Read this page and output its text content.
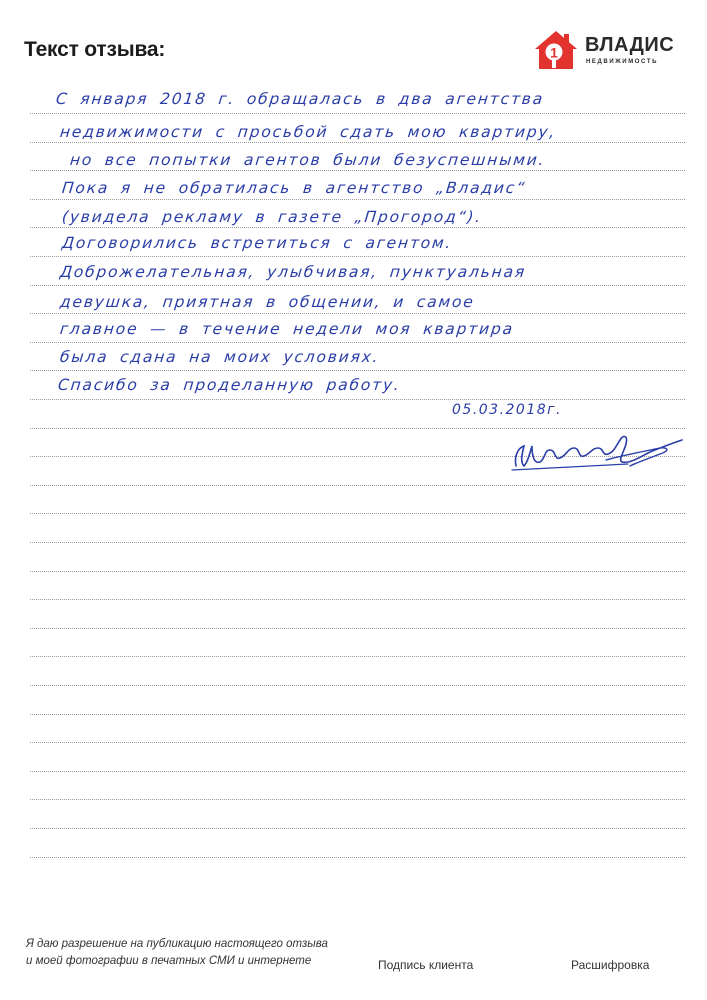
Текст отзыва:	1 ВЛАДИС
НЕДВИЖИМОСТЬ
С января 2018 г. обращалась в два агентства
недвижимости с просьбой сдать мою квартиру,
но все попытки агентов были безуспешными.
Пока я не обратилась в агентство „Владис“
(увидела рекламу в газете „Прогород“).
Договорились встретиться с агентом.
Доброжелательная, улыбчивая, пунктуальная
девушка, приятная в общении, и самое
главное — в течение недели моя квартира
была сдана на моих условиях.
Спасибо за проделанную работу.
05.03.2018г.
Я даю разрешение на публикацию настоящего отзыва
и моей фотографии в печатных СМИ и интернете	Подпись клиента	Расшифровка
